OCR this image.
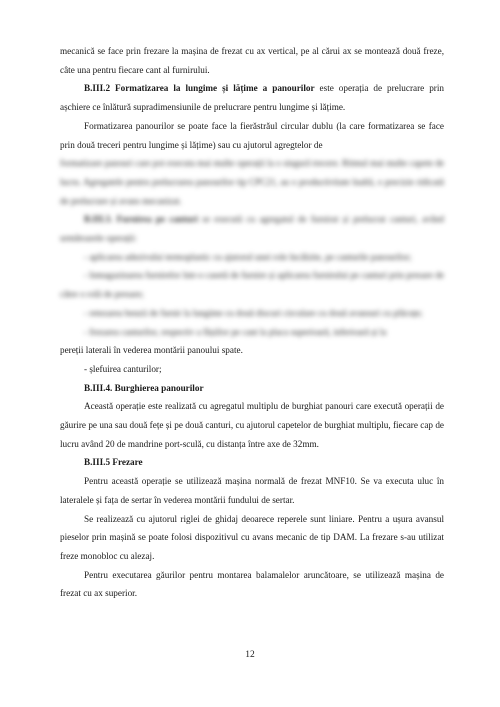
mecanică se face prin frezare la mașina de frezat cu ax vertical, pe al cărui ax se montează două freze, câte una pentru fiecare cant al furnirului.

B.III.2 Formatizarea la lungime și lățime a panourilor este operația de prelucrare prin așchiere ce înlătură supradimensiunile de prelucrare pentru lungime și lățime.

Formatizarea panourilor se poate face la fierăstrăul circular dublu (la care formatizarea se face prin două treceri pentru lungime și lățime) sau cu ajutorul agregtelor de

formatizare panouri care pot executa mai multe operații la o singură trecere. Ritmul mai multe capete de lucru. Agregatele pentru prelucrarea panourilor tip CPC21, au o productivitate înaltă, o precizie ridicată de prelucrare și avans mecanizat.

B.III.3. Furnirea pe canturi se execută cu agregatul de furnirat și prelucrat canturi, având următoarele operații:

- aplicarea adezivului termoplastic cu ajutorul unei role încălzite, pe canturile panourilor;

- înmagazinarea furnirelor într-o casetă de furnire și aplicarea furnirului pe canturi prin presare de către o rolă de presare;

- retezarea benzii de furnir la lungime cu două discuri circulare cu două avansuri cu plăcuțe;

- frezarea canturilor, respectiv a fâșiilor pe cant la placa superioară, inferioară și la

pereții laterali în vederea montării panoului spate.

- șlefuirea canturilor;

B.III.4. Burghierea panourilor

Această operație este realizată cu agregatul multiplu de burghiat panouri care execută operații de găurire pe una sau două fețe și pe două canturi, cu ajutorul capetelor de burghiat multiplu, fiecare cap de lucru având 20 de mandrine port-sculă, cu distanța între axe de 32mm.

B.III.5 Frezare

Pentru această operație se utilizează mașina normală de frezat MNF10. Se va executa uluc în lateralele și fața de sertar în vederea montării fundului de sertar.

Se realizează cu ajutorul riglei de ghidaj deoarece reperele sunt liniare. Pentru a ușura avansul pieselor prin mașină se poate folosi dispozitivul cu avans mecanic de tip DAM. La frezare s-au utilizat freze monobloc cu alezaj.

Pentru executarea găurilor pentru montarea balamalelor aruncătoare, se utilizează mașina de frezat cu ax superior.

12
